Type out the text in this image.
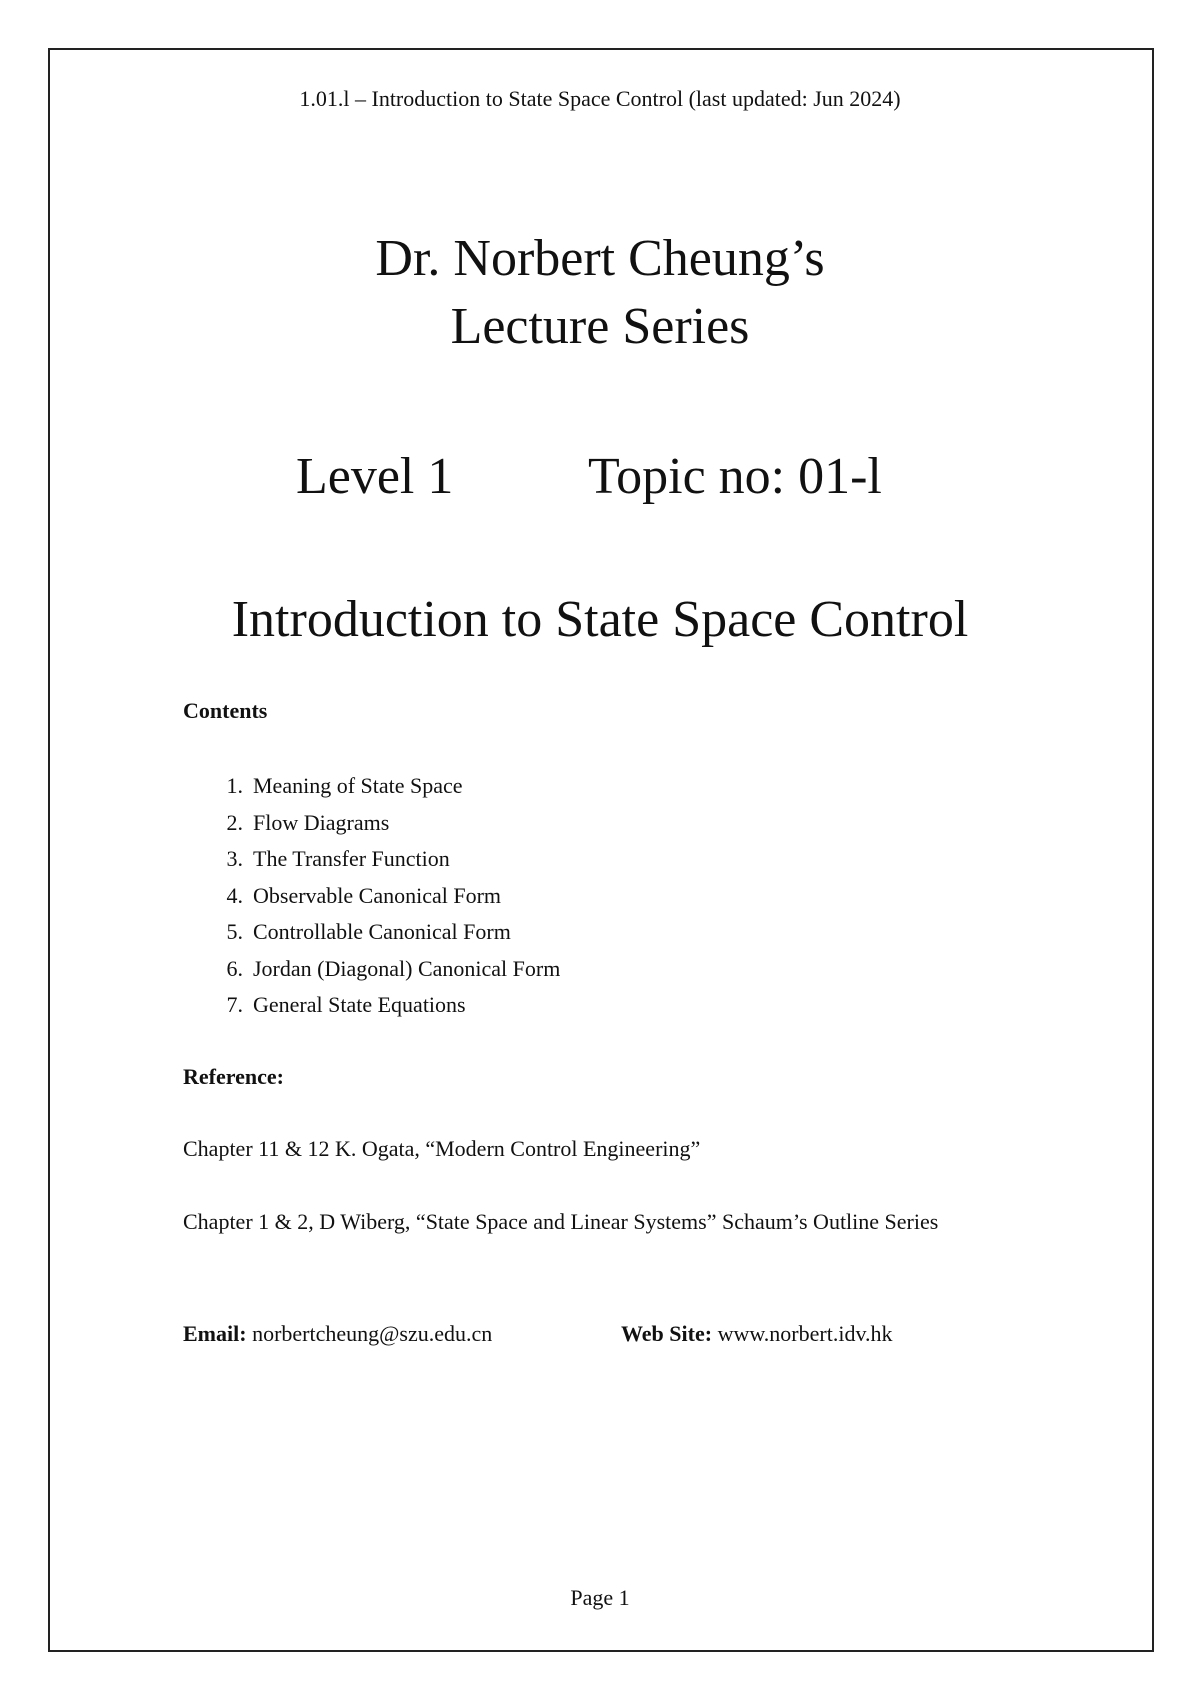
1.01.l – Introduction to State Space Control (last updated: Jun 2024)
Dr. Norbert Cheung’s
Lecture Series
Level 1	Topic no: 01-l
Introduction to State Space Control
Contents
1. Meaning of State Space
2. Flow Diagrams
3. The Transfer Function
4. Observable Canonical Form
5. Controllable Canonical Form
6. Jordan (Diagonal) Canonical Form
7. General State Equations
Reference:
Chapter 11 & 12 K. Ogata, “Modern Control Engineering”
Chapter 1 & 2, D Wiberg, “State Space and Linear Systems” Schaum’s Outline Series
Email: norbertcheung@szu.edu.cn	Web Site: www.norbert.idv.hk
Page 1
